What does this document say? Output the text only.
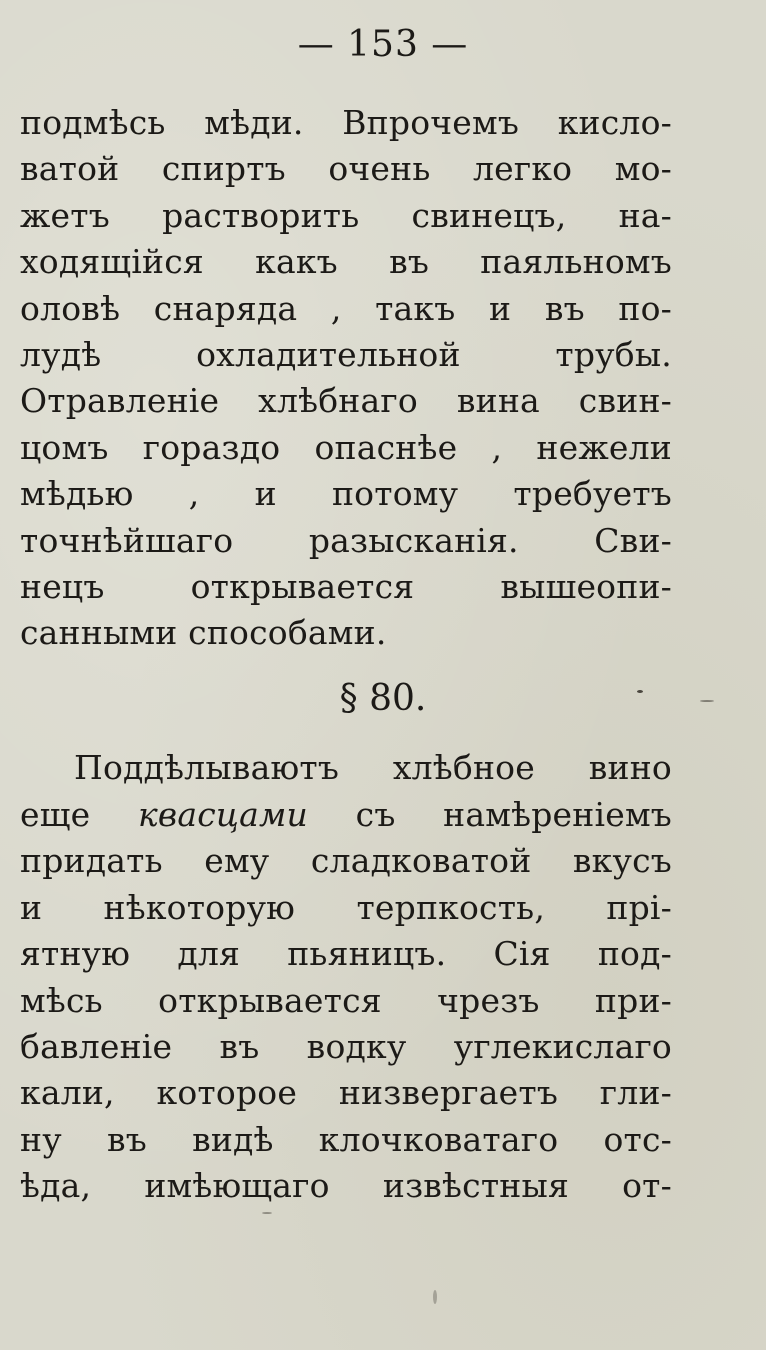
— 153 —
подмѣсь мѣди. Впрочемъ кисло-
ватой спиртъ очень легко мо-
жетъ растворить свинецъ, на-
ходящійся какъ въ паяльномъ
оловѣ снаряда , такъ и въ по-
лудѣ охладительной трубы.
Отравленіе хлѣбнаго вина свин-
цомъ гораздо опаснѣе , нежели
мѣдью , и потому требуетъ
точнѣйшаго разысканія. Сви-
нецъ открывается вышеопи-
санными способами.
§ 80.
Поддѣлываютъ хлѣбное вино
еще квасцами съ намѣреніемъ
придать ему сладковатой вкусъ
и нѣкоторую терпкость, прі-
ятную для пьяницъ. Сія под-
мѣсь открывается чрезъ при-
бавленіе въ водку углекислаго
кали, которое низвергаетъ гли-
ну въ видѣ клочковатаго отс-
ѣда, имѣющаго извѣстныя от-
